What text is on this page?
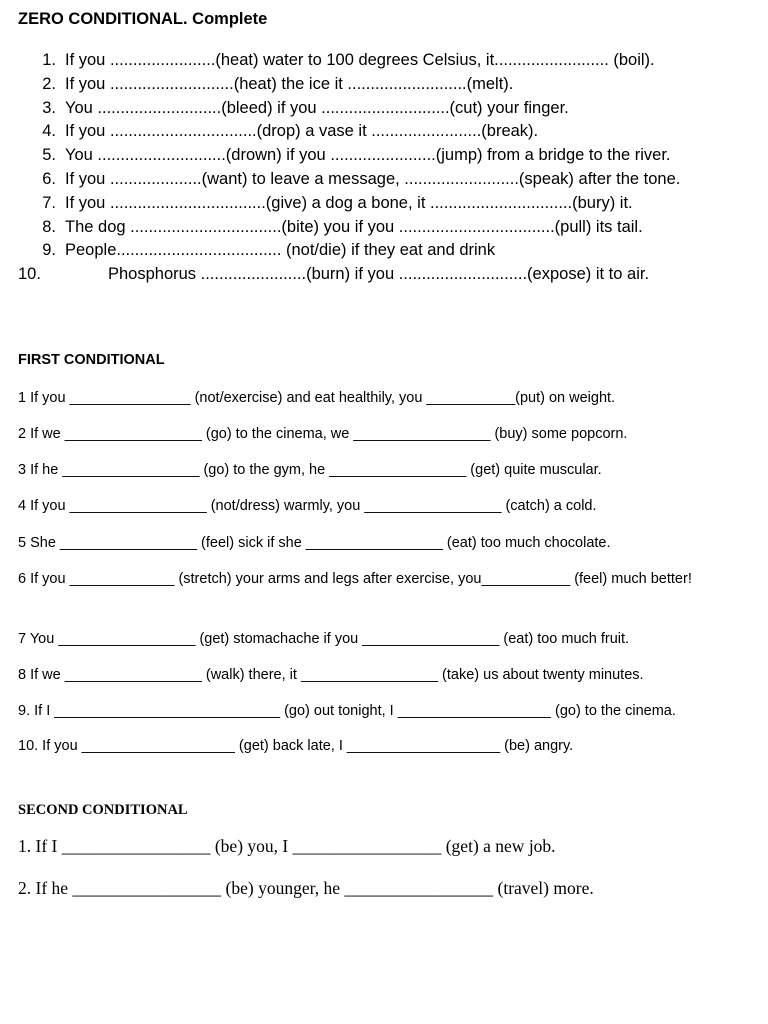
ZERO CONDITIONAL. Complete
1. If you .......................(heat) water to 100 degrees Celsius, it......................... (boil).
2. If you ...........................(heat) the ice it ..........................(melt).
3. You ...........................(bleed) if you ............................(cut) your finger.
4. If you ................................(drop) a vase it ........................(break).
5. You ............................(drown) if you .......................(jump) from a bridge to the river.
6. If you ....................(want) to leave a message, .........................(speak) after the tone.
7. If you ..................................(give) a dog a bone, it ...............................(bury) it.
8. The dog .................................(bite) you if you ..................................(pull) its tail.
9. People.................................... (not/die) if they eat and drink
10.	Phosphorus .......................(burn) if you ............................(expose) it to air.
FIRST CONDITIONAL
1 If you _______________ (not/exercise) and eat healthily, you ___________(put) on weight.
2 If we _________________ (go) to the cinema, we _________________ (buy) some popcorn.
3 If he _________________ (go) to the gym, he _________________ (get) quite muscular.
4 If you _________________ (not/dress) warmly, you _________________ (catch) a cold.
5 She _________________ (feel) sick if she _________________ (eat) too much chocolate.
6 If you _____________ (stretch) your arms and legs after exercise, you___________ (feel) much better!
7 You _________________ (get) stomachache if you _________________ (eat) too much fruit.
8 If we _________________ (walk) there, it _________________ (take) us about twenty minutes.
9. If I ____________________________ (go) out tonight, I ___________________ (go) to the cinema.
10. If you ___________________ (get) back late, I ___________________ (be) angry.
SECOND CONDITIONAL
1. If I _________________ (be) you, I _________________ (get) a new job.
2. If he _________________ (be) younger, he _________________ (travel) more.
